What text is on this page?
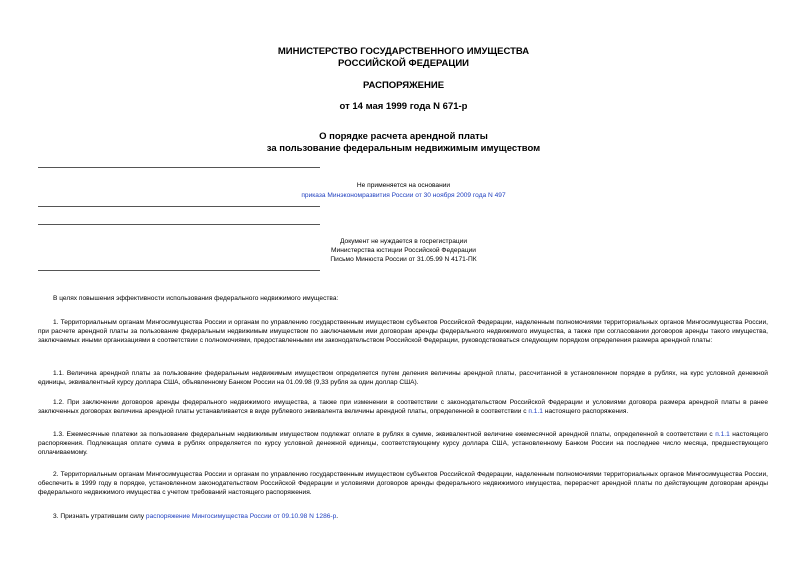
МИНИСТЕРСТВО ГОСУДАРСТВЕННОГО ИМУЩЕСТВА
РОССИЙСКОЙ ФЕДЕРАЦИИ
РАСПОРЯЖЕНИЕ
от 14 мая 1999 года N 671-р
О порядке расчета арендной платы
за пользование федеральным недвижимым имуществом
Не применяется на основании
приказа Минэкономразвития России от 30 ноября 2009 года N 497
Документ не нуждается в госрегистрации
Министерства юстиции Российской Федерации
Письмо Минюста России от 31.05.99 N 4171-ПК
В целях повышения эффективности использования федерального недвижимого имущества:
1. Территориальным органам Мингосимущества России и органам по управлению государственным имуществом субъектов Российской Федерации, наделенным полномочиями территориальных органов Мингосимущества России, при расчете арендной платы за пользование федеральным недвижимым имуществом по заключаемым ими договорам аренды федерального недвижимого имущества, а также при согласовании договоров аренды такого имущества, заключаемых иными организациями в соответствии с полномочиями, предоставленными им законодательством Российской Федерации, руководствоваться следующим порядком определения размера арендной платы:
1.1. Величина арендной платы за пользование федеральным недвижимым имуществом определяется путем деления величины арендной платы, рассчитанной в установленном порядке в рублях, на курс условной денежной единицы, эквивалентный курсу доллара США, объявленному Банком России на 01.09.98 (9,33 рубля за один доллар США).
1.2. При заключении договоров аренды федерального недвижимого имущества, а также при изменении в соответствии с законодательством Российской Федерации и условиями договора размера арендной платы в ранее заключенных договорах величина арендной платы устанавливается в виде рублевого эквивалента величины арендной платы, определенной в соответствии с п.1.1 настоящего распоряжения.
1.3. Ежемесячные платежи за пользование федеральным недвижимым имуществом подлежат оплате в рублях в сумме, эквивалентной величине ежемесячной арендной платы, определенной в соответствии с п.1.1 настоящего распоряжения. Подлежащая оплате сумма в рублях определяется по курсу условной денежной единицы, соответствующему курсу доллара США, установленному Банком России на последнее число месяца, предшествующего оплачиваемому.
2. Территориальным органам Мингосимущества России и органам по управлению государственным имуществом субъектов Российской Федерации, наделенным полномочиями территориальных органов Мингосимущества России, обеспечить в 1999 году в порядке, установленном законодательством Российской Федерации и условиями договоров аренды федерального недвижимого имущества, перерасчет арендной платы по действующим договорам аренды федерального недвижимого имущества с учетом требований настоящего распоряжения.
3. Признать утратившим силу распоряжение Мингосимущества России от 09.10.98 N 1286-р.
